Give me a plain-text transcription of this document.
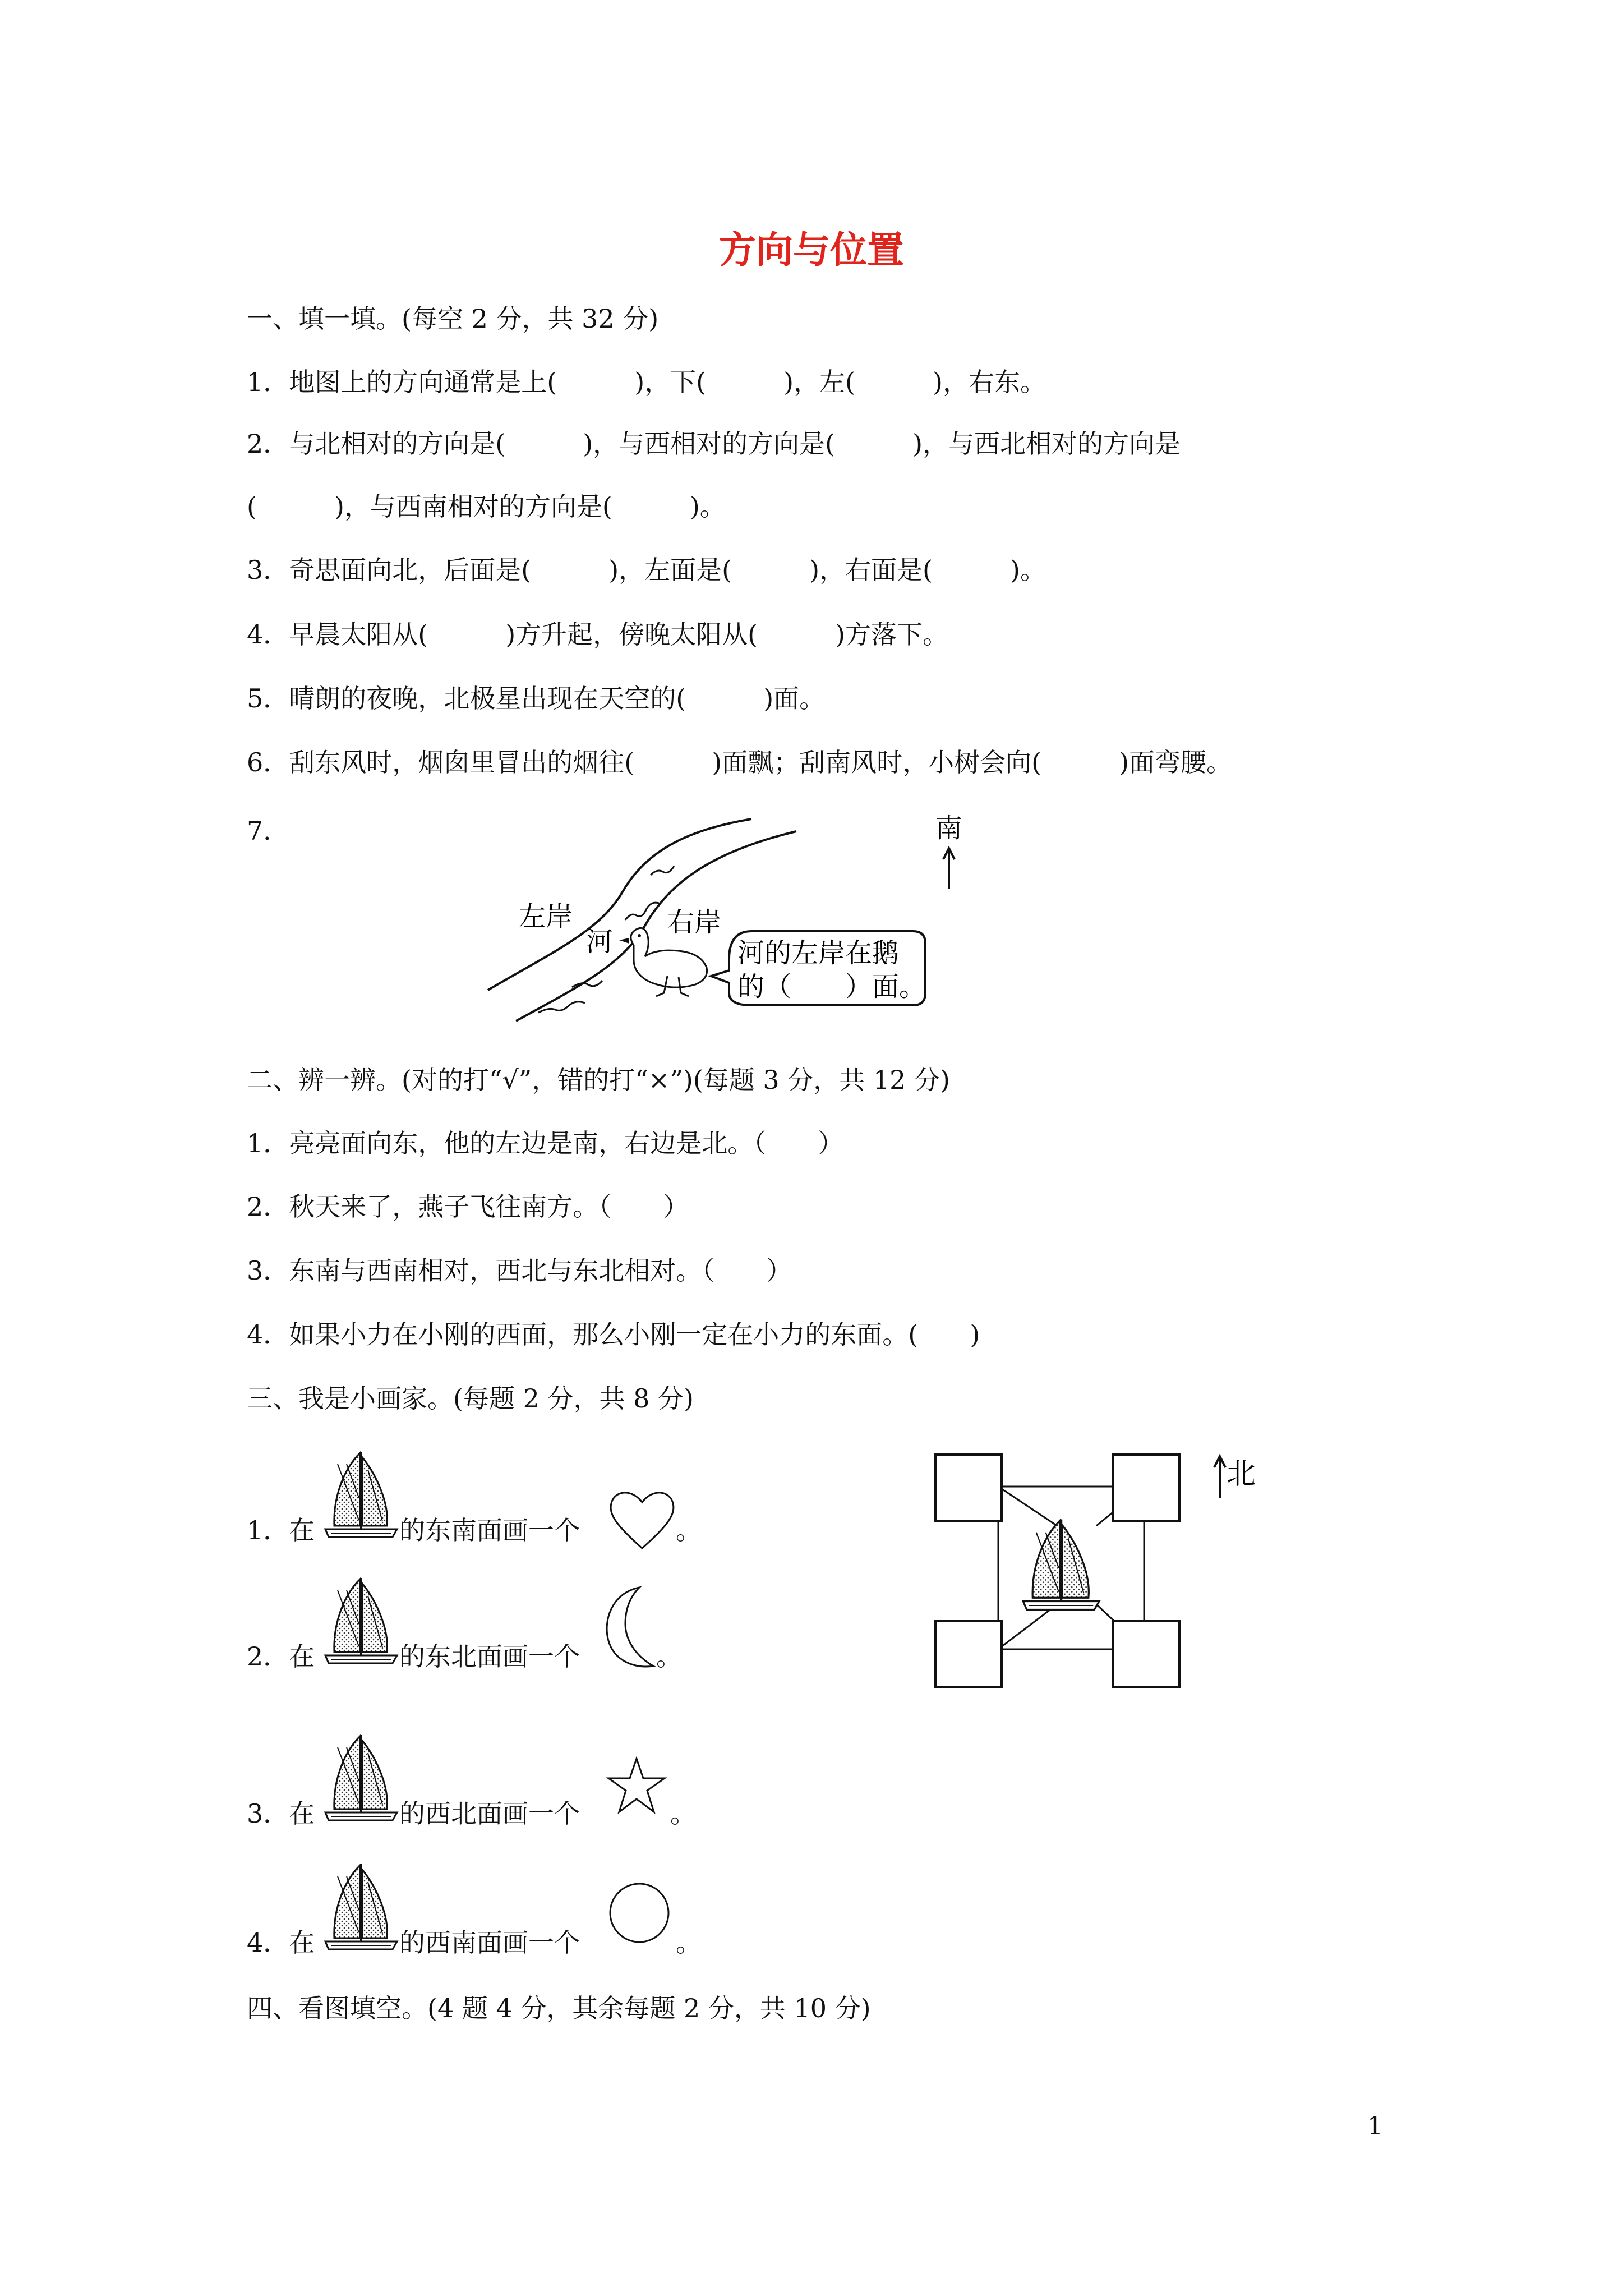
方向与位置
一、填一填。(每空 2 分，共 32 分)
1．地图上的方向通常是上(　　　)，下(　　　)，左(　　　)，右东。
2．与北相对的方向是(　　　)，与西相对的方向是(　　　)，与西北相对的方向是
(　　　)，与西南相对的方向是(　　　)。
3．奇思面向北，后面是(　　　)，左面是(　　　)，右面是(　　　)。
4．早晨太阳从(　　　)方升起，傍晚太阳从(　　　)方落下。
5．晴朗的夜晚，北极星出现在天空的(　　　)面。
6．刮东风时，烟囱里冒出的烟往(　　　)面飘；刮南风时，小树会向(　　　)面弯腰。
7．
左岸
河
右岸
河的左岸在鹅
的（　　）面。
南
二、辨一辨。(对的打“√”，错的打“×”)(每题 3 分，共 12 分)
1．亮亮面向东，他的左边是南，右边是北。（　　）
2．秋天来了，燕子飞往南方。（　　）
3．东南与西南相对，西北与东北相对。（　　）
4．如果小力在小刚的西面，那么小刚一定在小力的东面。(　　)
三、我是小画家。(每题 2 分，共 8 分)
1．在	的东南面画一个	。
2．在	的东北面画一个	。
3．在	的西北面画一个	。
4．在	的西南面画一个	。
北
四、看图填空。(4 题 4 分，其余每题 2 分，共 10 分)
1
